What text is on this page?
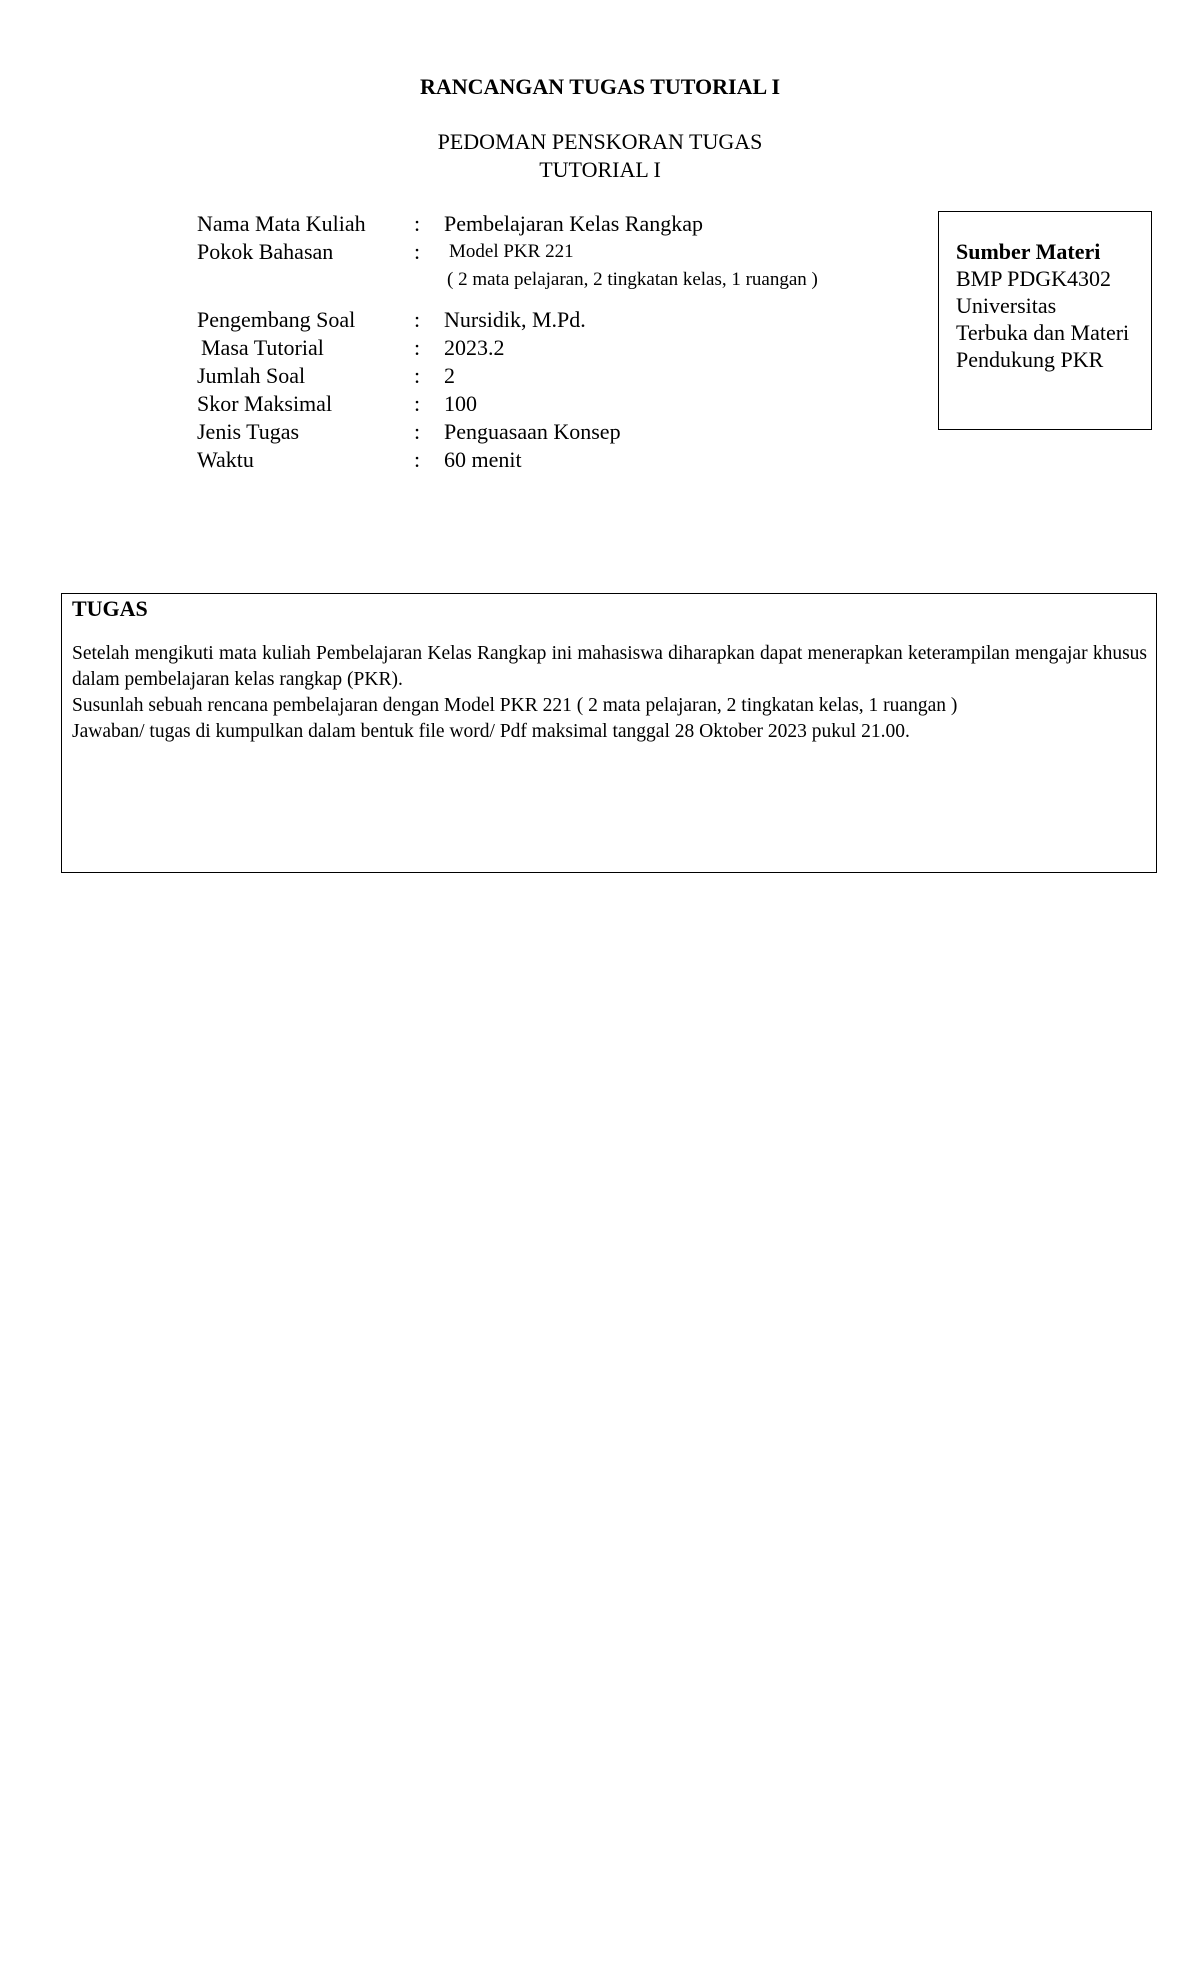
RANCANGAN TUGAS TUTORIAL I
PEDOMAN PENSKORAN TUGAS
TUTORIAL I
Nama Mata Kuliah : Pembelajaran Kelas Rangkap
Pokok Bahasan	: Model PKR 221
( 2 mata pelajaran, 2 tingkatan kelas, 1 ruangan )
Pengembang Soal	: Nursidik, M.Pd.
Masa Tutorial	: 2023.2
Jumlah Soal	: 2
Skor Maksimal	: 100
Jenis Tugas	: Penguasaan Konsep
Waktu	: 60 menit
Sumber Materi
BMP PDGK4302
Universitas
Terbuka dan Materi
Pendukung PKR
TUGAS
Setelah mengikuti mata kuliah Pembelajaran Kelas Rangkap ini mahasiswa diharapkan dapat menerapkan keterampilan mengajar khusus dalam pembelajaran kelas rangkap (PKR).
Susunlah sebuah rencana pembelajaran dengan Model PKR 221 ( 2 mata pelajaran, 2 tingkatan kelas, 1 ruangan )
Jawaban/ tugas di kumpulkan dalam bentuk file word/ Pdf maksimal tanggal 28 Oktober 2023 pukul 21.00.
